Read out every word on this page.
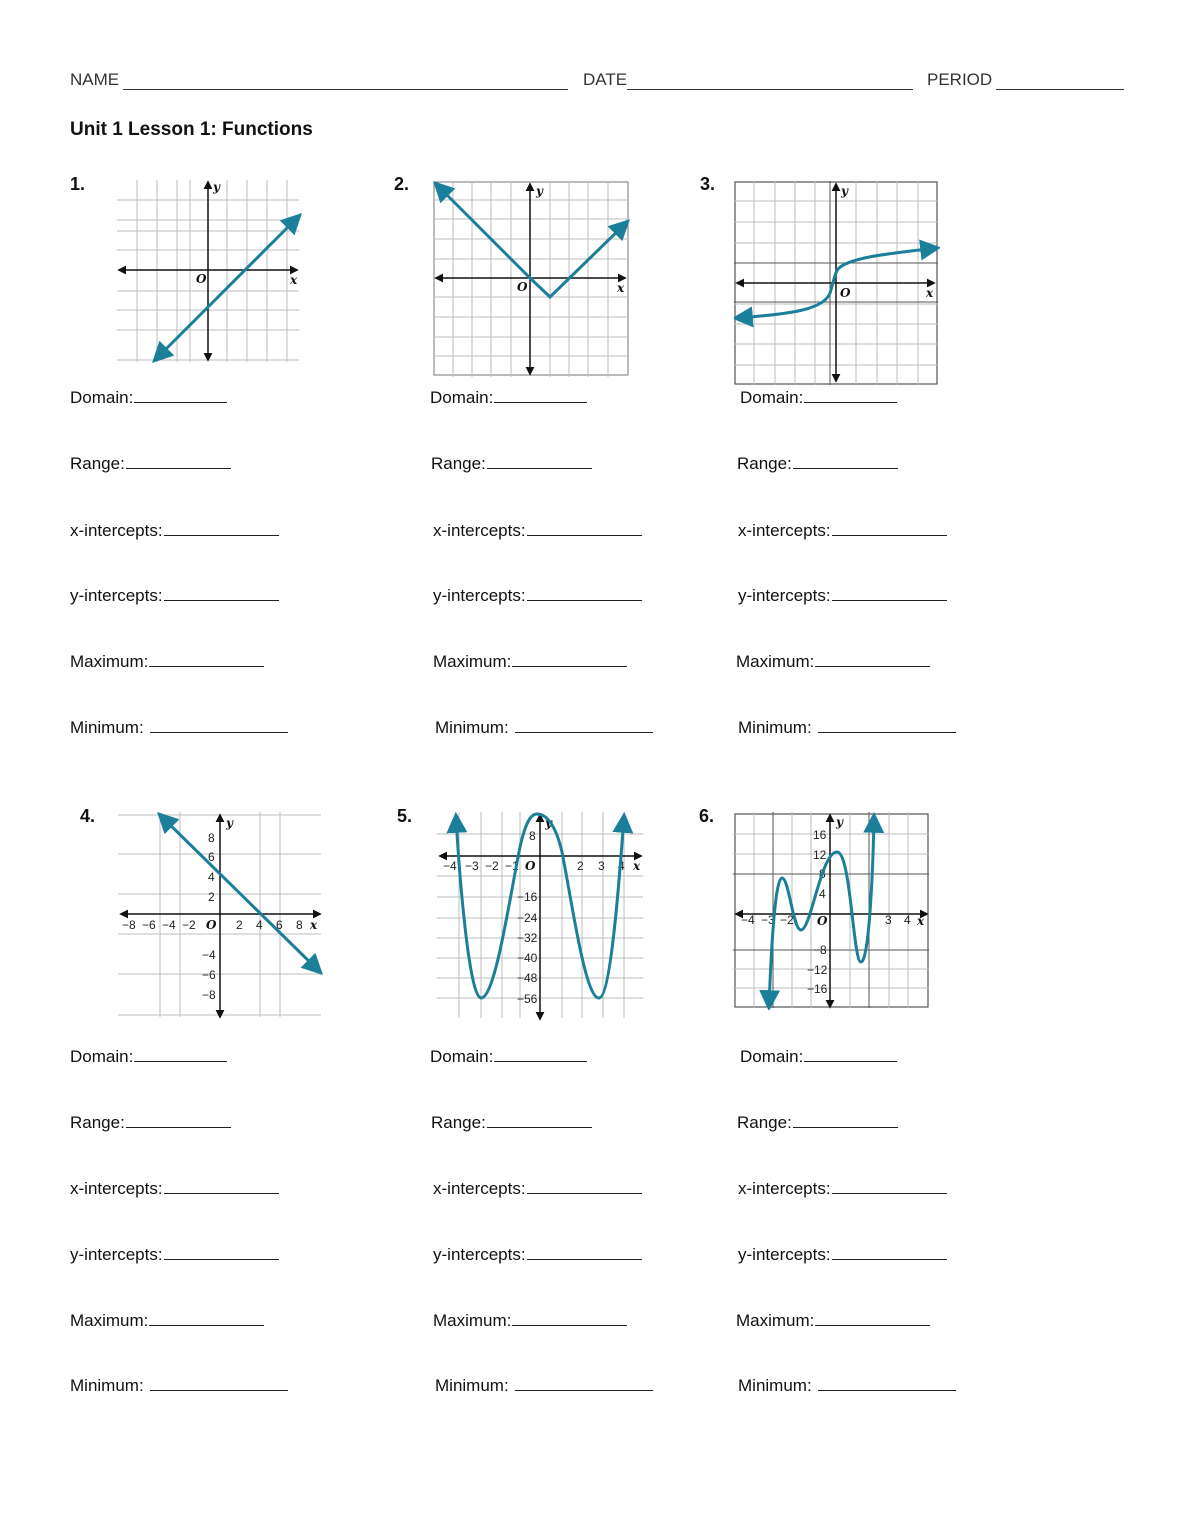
NAME	DATE	PERIOD
Unit 1 Lesson 1: Functions
1.	2.	3.
4.	5.	6.
x
y
O
x
y
O	x
y
O
Domain:
Range:
x-intercepts:
y-intercepts:
Maximum:
Minimum:
Domain:
Range:
x-intercepts:
y-intercepts:
Maximum:
Minimum:
Domain:
Range:
x-intercepts:
y-intercepts:
Maximum:
Minimum:
−8 −6 −4 −2	2 4 6 8
8
6
4
2
−4
−6
−8
x
y
O
−4 −3 −2 −1	2 3 4
8
−16
−24
−32
−40
−48
−56
x
y
O
−4 −3 −2	3 4
16
12
8
4
−8
−12
−16
x
y
O
Domain:
Range:
x-intercepts:
y-intercepts:
Maximum:
Minimum:
Domain:
Range:
x-intercepts:
y-intercepts:
Maximum:
Minimum:
Domain:
Range:
x-intercepts:
y-intercepts:
Maximum:
Minimum:
